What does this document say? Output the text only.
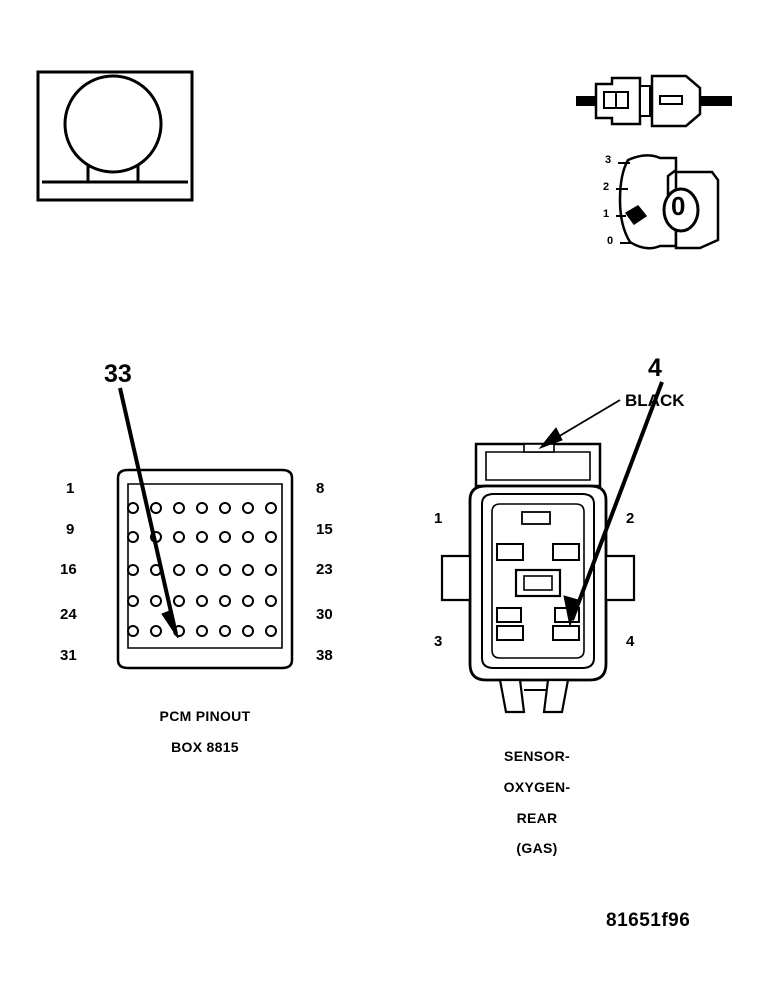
3
2
1
0
0
33
1
9
16
24
31
8
15
23
30
38
PCM PINOUT
BOX 8815
4
BLACK
1	2
3	4
SENSOR-
OXYGEN-
REAR
(GAS)
81651f96
